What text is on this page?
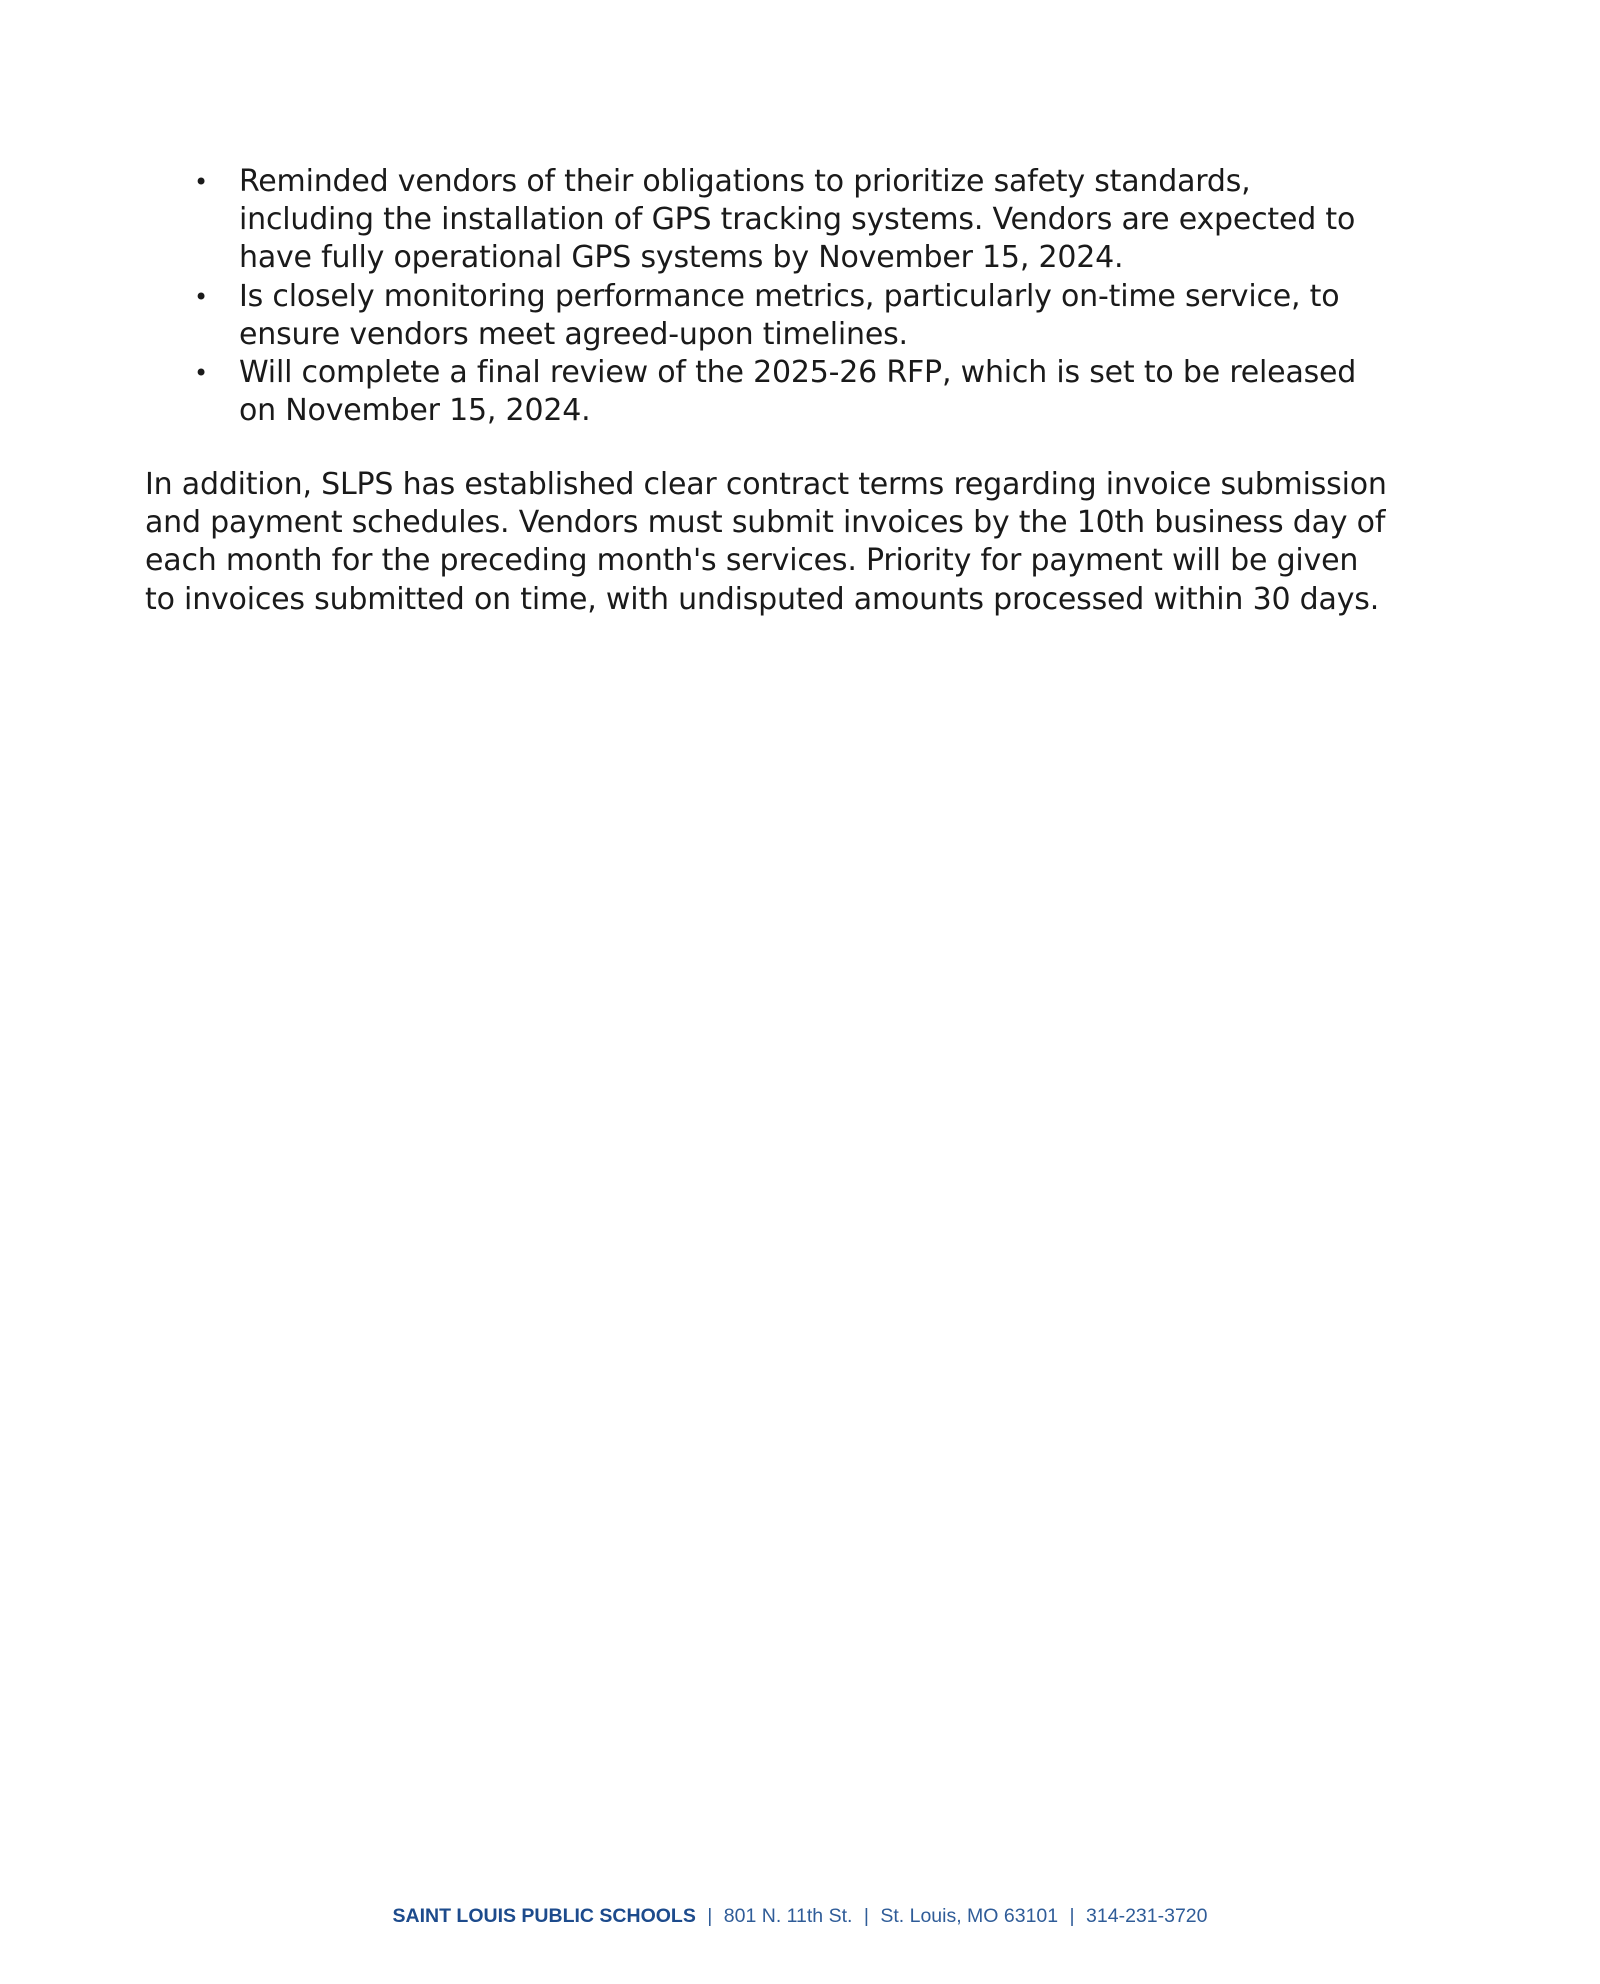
• Reminded vendors of their obligations to prioritize safety standards, including the installation of GPS tracking systems. Vendors are expected to have fully operational GPS systems by November 15, 2024.
• Is closely monitoring performance metrics, particularly on-time service, to ensure vendors meet agreed-upon timelines.
• Will complete a final review of the 2025-26 RFP, which is set to be released on November 15, 2024.

In addition, SLPS has established clear contract terms regarding invoice submission and payment schedules. Vendors must submit invoices by the 10th business day of each month for the preceding month's services. Priority for payment will be given to invoices submitted on time, with undisputed amounts processed within 30 days.

SAINT LOUIS PUBLIC SCHOOLS | 801 N. 11th St. | St. Louis, MO 63101 | 314-231-3720
